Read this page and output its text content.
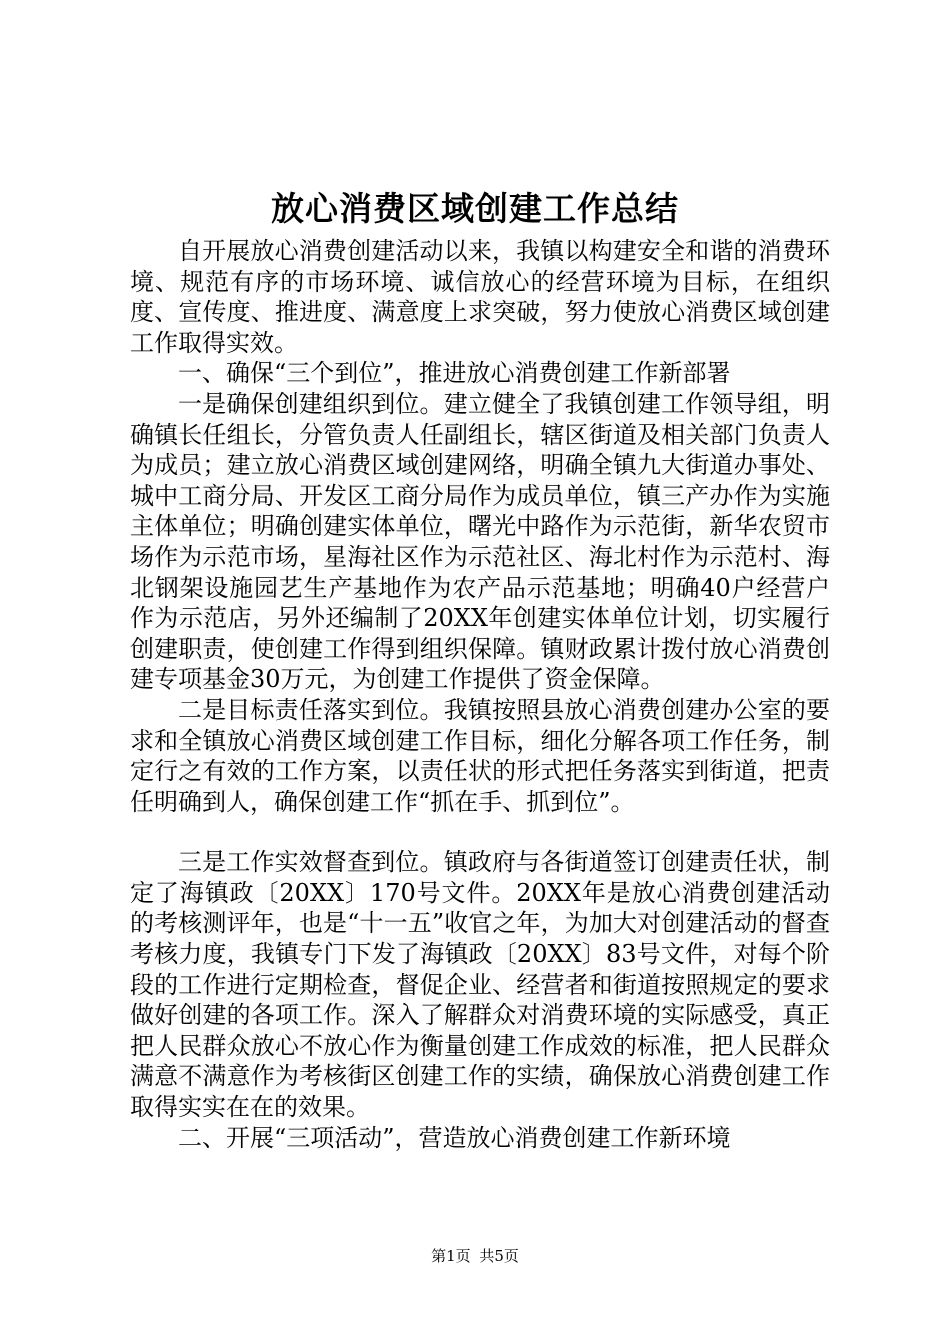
放心消费区域创建工作总结

自开展放心消费创建活动以来，我镇以构建安全和谐的消费环境、规范有序的市场环境、诚信放心的经营环境为目标，在组织度、宣传度、推进度、满意度上求突破，努力使放心消费区域创建工作取得实效。

一、确保“三个到位”，推进放心消费创建工作新部署

一是确保创建组织到位。建立健全了我镇创建工作领导组，明确镇长任组长，分管负责人任副组长，辖区街道及相关部门负责人为成员；建立放心消费区域创建网络，明确全镇九大街道办事处、城中工商分局、开发区工商分局作为成员单位，镇三产办作为实施主体单位；明确创建实体单位，曙光中路作为示范街，新华农贸市场作为示范市场，星海社区作为示范社区、海北村作为示范村、海北钢架设施园艺生产基地作为农产品示范基地；明确40户经营户作为示范店，另外还编制了20XX年创建实体单位计划，切实履行创建职责，使创建工作得到组织保障。镇财政累计拨付放心消费创建专项基金30万元，为创建工作提供了资金保障。

二是目标责任落实到位。我镇按照县放心消费创建办公室的要求和全镇放心消费区域创建工作目标，细化分解各项工作任务，制定行之有效的工作方案，以责任状的形式把任务落实到街道，把责任明确到人，确保创建工作“抓在手、抓到位”。

三是工作实效督查到位。镇政府与各街道签订创建责任状，制定了海镇政〔20XX〕170号文件。20XX年是放心消费创建活动的考核测评年，也是“十一五”收官之年，为加大对创建活动的督查考核力度，我镇专门下发了海镇政〔20XX〕83号文件，对每个阶段的工作进行定期检查，督促企业、经营者和街道按照规定的要求做好创建的各项工作。深入了解群众对消费环境的实际感受，真正把人民群众放心不放心作为衡量创建工作成效的标准，把人民群众满意不满意作为考核街区创建工作的实绩，确保放心消费创建工作取得实实在在的效果。

二、开展“三项活动”，营造放心消费创建工作新环境

第1页 共5页
